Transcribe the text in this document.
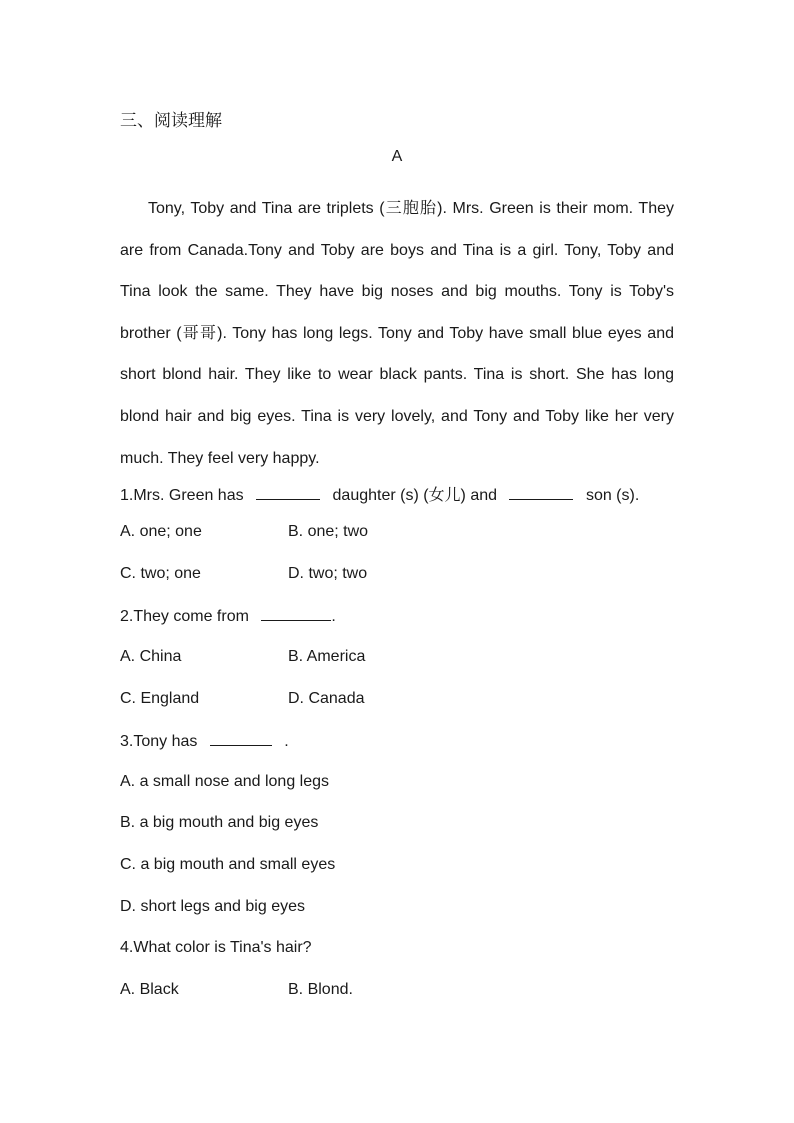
三、阅读理解
A

Tony, Toby and Tina are triplets (三胞胎). Mrs. Green is their mom. They are from Canada.Tony and Toby are boys and Tina is a girl. Tony, Toby and Tina look the same. They have big noses and big mouths. Tony is Toby's brother (哥哥). Tony has long legs. Tony and Toby have small blue eyes and short blond hair. They like to wear black pants. Tina is short. She has long blond hair and big eyes. Tina is very lovely, and Tony and Toby like her very much. They feel very happy.

1.Mrs. Green has	daughter (s) (女儿) and	son (s).
A. one; one	B. one; two
C. two; one	D. two; two
2.They come from	.
A. China	B. America
C. England	D. Canada
3.Tony has	.
A. a small nose and long legs
B. a big mouth and big eyes
C. a big mouth and small eyes
D. short legs and big eyes
4.What color is Tina's hair?
A. Black	B. Blond.
